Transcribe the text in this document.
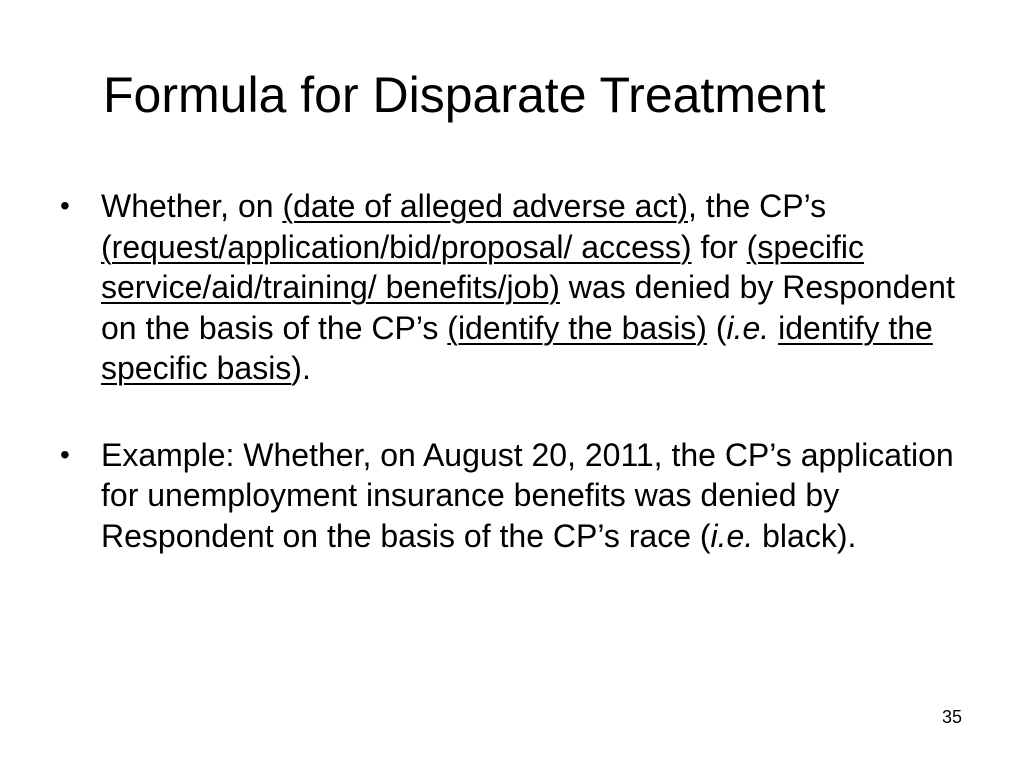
Formula for Disparate Treatment
• Whether, on (date of alleged adverse act), the CP’s (request/application/bid/proposal/ access) for (specific service/aid/training/ benefits/job) was denied by Respondent on the basis of the CP’s (identify the basis) (i.e. identify the specific basis).
• Example: Whether, on August 20, 2011, the CP’s application for unemployment insurance benefits was denied by Respondent on the basis of the CP’s race (i.e. black).
35
